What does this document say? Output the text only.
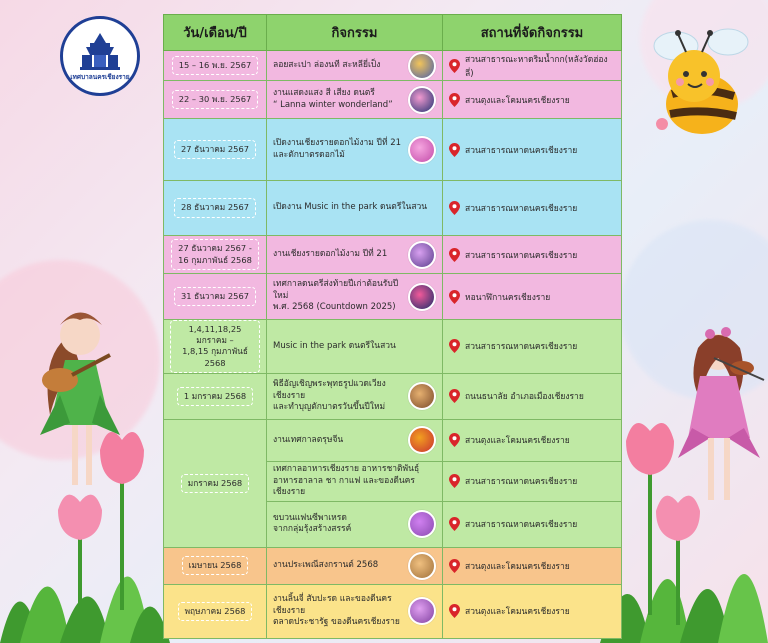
เทศบาลนครเชียงราย
วัน/เดือน/ปี	กิจกรรม	สถานที่จัดกิจกรรม
15 – 16 พ.ย. 2567	ลอยสะเปา ล่องนที สะหลียี่เป็ง	สวนสาธารณะหาดริมน้ำกก(หลังวัดฮ่องลี่)

22 – 30 พ.ย. 2567	งานแสดงแสง สี เสียง ดนตรี
“ Lanna winter wonderland”	สวนตุงและโคมนครเชียงราย

27 ธันวาคม 2567	เปิดงานเชียงรายดอกไม้งาม ปีที่ 21
และตักบาตรดอกไม้	สวนสาธารณหาดนครเชียงราย

28 ธันวาคม 2567	เปิดงาน Music in the park ดนตรีในสวน	สวนสาธารณหาดนครเชียงราย

27 ธันวาคม 2567 -
16 กุมภาพันธ์ 2568	งานเชียงรายดอกไม้งาม ปีที่ 21	สวนสาธารณหาดนครเชียงราย

31 ธันวาคม 2567	เทศกาลดนตรีส่งท้ายปีเก่าต้อนรับปีใหม่
พ.ศ. 2568 (Countdown 2025)	หอนาฬิกานครเชียงราย

1,4,11,18,25 มกราคม –
1,8,15 กุมภาพันธ์ 2568	Music in the park ดนตรีในสวน	สวนสาธารณหาดนครเชียงราย

1 มกราคม 2568	พิธีอัญเชิญพระพุทธรูปแวดเวียงเชียงราย
และทำบุญตักบาตรวันขึ้นปีใหม่	ถนนธนาลัย อำเภอเมืองเชียงราย

มกราคม 2568	งานเทศกาลตรุษจีน	สวนตุงและโคมนครเชียงราย

	เทศกาลอาหารเชียงราย อาหารชาติพันธุ์
อาหารฮาลาล ชา กาแฟ และของดีนครเชียงราย	สวนสาธารณหาดนครเชียงราย

	ขบวนแฟนซีพาเหรด
จากกลุ่มรุ้งสร้างสรรค์	สวนสาธารณหาดนครเชียงราย

เมษายน 2568	งานประเพณีสงกรานต์ 2568	สวนตุงและโคมนครเชียงราย

พฤษภาคม 2568	งานลิ้นจี่ สับปะรด และของดีนครเชียงราย
ตลาดประชารัฐ ของดีนครเชียงราย	สวนตุงและโคมนครเชียงราย
